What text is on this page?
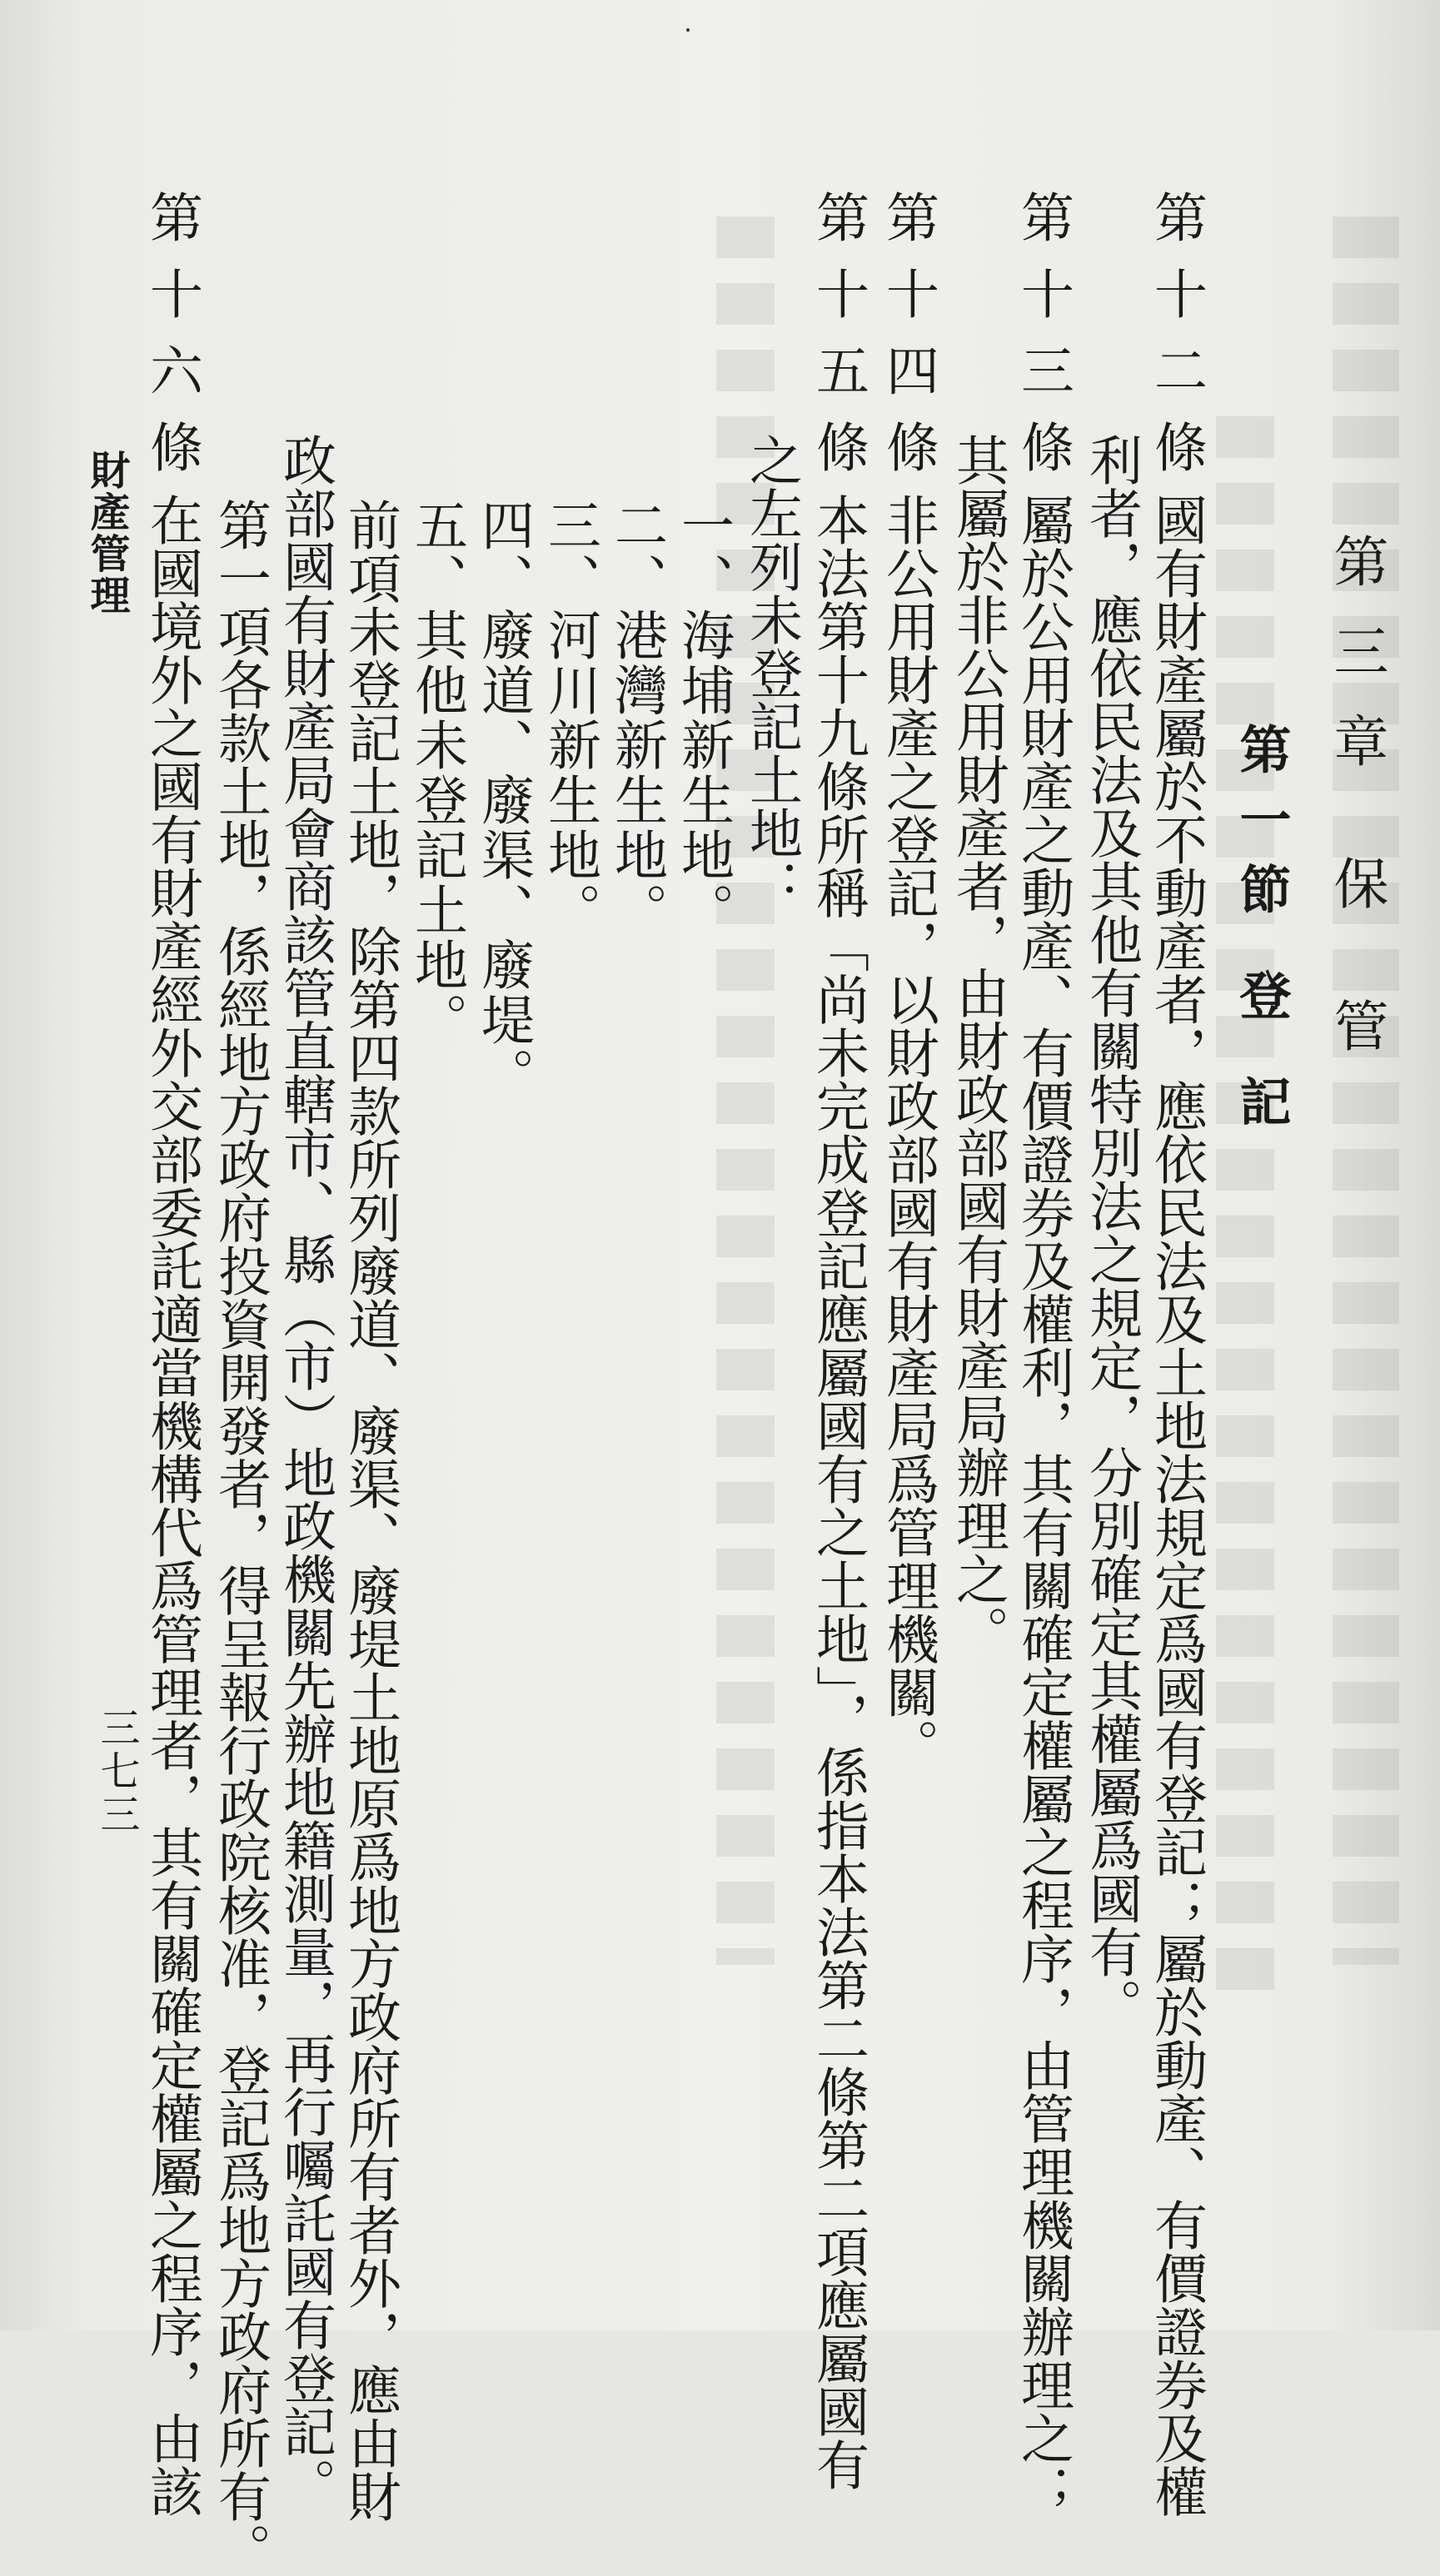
第三章 保 管
第一節 登 記
第十二條
國有財產屬於不動產者，應依民法及土地法規定爲國有登記；屬於動產、有價證券及權
利者，應依民法及其他有關特別法之規定，分別確定其權屬爲國有。
第十三條
屬於公用財產之動產、有價證券及權利，其有關確定權屬之程序，由管理機關辦理之；
其屬於非公用財產者，由財政部國有財產局辦理之。
第十四條
非公用財產之登記，以財政部國有財產局爲管理機關。
第十五條
本法第十九條所稱「尚未完成登記應屬國有之土地」，係指本法第二條第二項應屬國有
之左列未登記土地：
一、海埔新生地。
二、港灣新生地。
三、河川新生地。
四、廢道、廢渠、廢堤。
五、其他未登記土地。
前項未登記土地，除第四款所列廢道、廢渠、廢堤土地原爲地方政府所有者外，應由財
政部國有財產局會商該管直轄市、縣（市）地政機關先辦地籍測量，再行囑託國有登記。
第一項各款土地，係經地方政府投資開發者，得呈報行政院核准，登記爲地方政府所有。
第十六條
在國境外之國有財產經外交部委託適當機構代爲管理者，其有關確定權屬之程序，由該
財產管理
三七三
